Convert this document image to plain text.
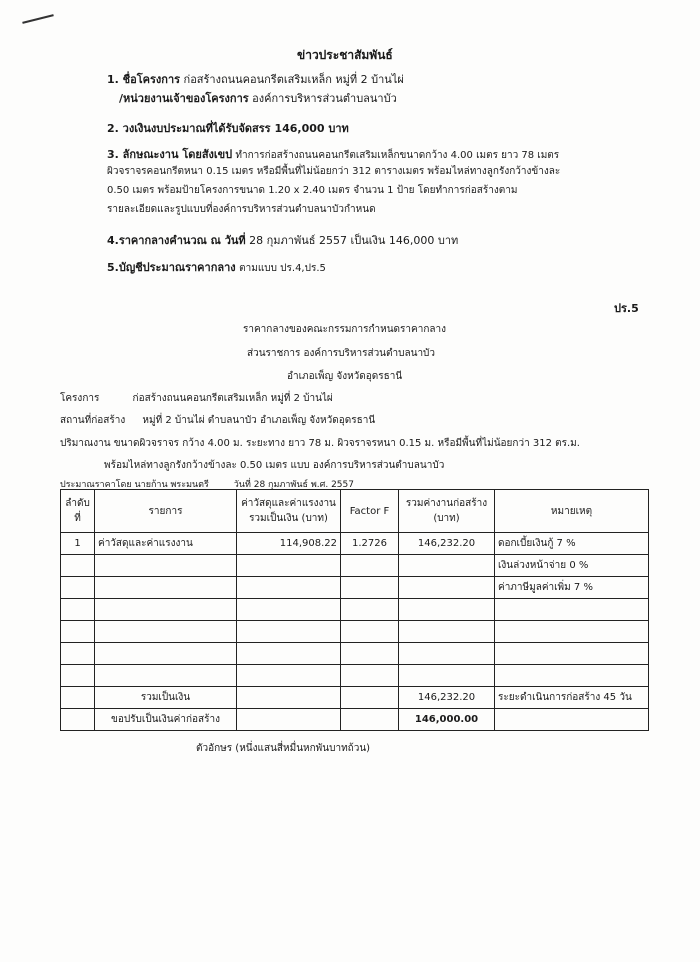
ข่าวประชาสัมพันธ์
1. ชื่อโครงการ ก่อสร้างถนนคอนกรีตเสริมเหล็ก หมู่ที่ 2 บ้านไผ่
/หน่วยงานเจ้าของโครงการ องค์การบริหารส่วนตำบลนาบัว
2. วงเงินงบประมาณที่ได้รับจัดสรร 146,000 บาท
3. ลักษณะงาน โดยสังเขป ทำการก่อสร้างถนนคอนกรีตเสริมเหล็กขนาดกว้าง 4.00 เมตร ยาว 78 เมตร
ผิวจราจรคอนกรีตหนา 0.15 เมตร หรือมีพื้นที่ไม่น้อยกว่า 312 ตารางเมตร พร้อมไหล่ทางลูกรังกว้างข้างละ
0.50 เมตร พร้อมป้ายโครงการขนาด 1.20 x 2.40 เมตร จำนวน 1 ป้าย โดยทำการก่อสร้างตาม
รายละเอียดและรูปแบบที่องค์การบริหารส่วนตำบลนาบัวกำหนด
4.ราคากลางคำนวณ ณ วันที่ 28 กุมภาพันธ์ 2557 เป็นเงิน 146,000 บาท
5.บัญชีประมาณราคากลาง ตามแบบ ปร.4,ปร.5
ปร.5
ราคากลางของคณะกรรมการกำหนดราคากลาง
ส่วนราชการ องค์การบริหารส่วนตำบลนาบัว
อำเภอเพ็ญ จังหวัดอุดรธานี
โครงการ	ก่อสร้างถนนคอนกรีตเสริมเหล็ก หมู่ที่ 2 บ้านไผ่
สถานที่ก่อสร้าง หมู่ที่ 2 บ้านไผ่ ตำบลนาบัว อำเภอเพ็ญ จังหวัดอุดรธานี
ปริมาณงาน ขนาดผิวจราจร กว้าง 4.00 ม. ระยะทาง ยาว 78 ม. ผิวจราจรหนา 0.15 ม. หรือมีพื้นที่ไม่น้อยกว่า 312 ตร.ม.
พร้อมไหล่ทางลูกรังกว้างข้างละ 0.50 เมตร แบบ องค์การบริหารส่วนตำบลนาบัว
ประมาณราคาโดย นายก้าน พระมนตรี	วันที่ 28 กุมภาพันธ์ พ.ศ. 2557
ลำดับ ที่	รายการ	ค่าวัสดุและค่าแรงงาน รวมเป็นเงิน (บาท)	Factor F	รวมค่างานก่อสร้าง (บาท)	หมายเหตุ
1	ค่าวัสดุและค่าแรงงาน	114,908.22	1.2726	146,232.20	ดอกเบี้ยเงินกู้ 7 %
					เงินล่วงหน้าจ่าย 0 %
					ค่าภาษีมูลค่าเพิ่ม 7 %

	รวมเป็นเงิน			146,232.20	ระยะดำเนินการก่อสร้าง 45 วัน
	ขอปรับเป็นเงินค่าก่อสร้าง			146,000.00	
ตัวอักษร (หนึ่งแสนสี่หมื่นหกพันบาทถ้วน)
